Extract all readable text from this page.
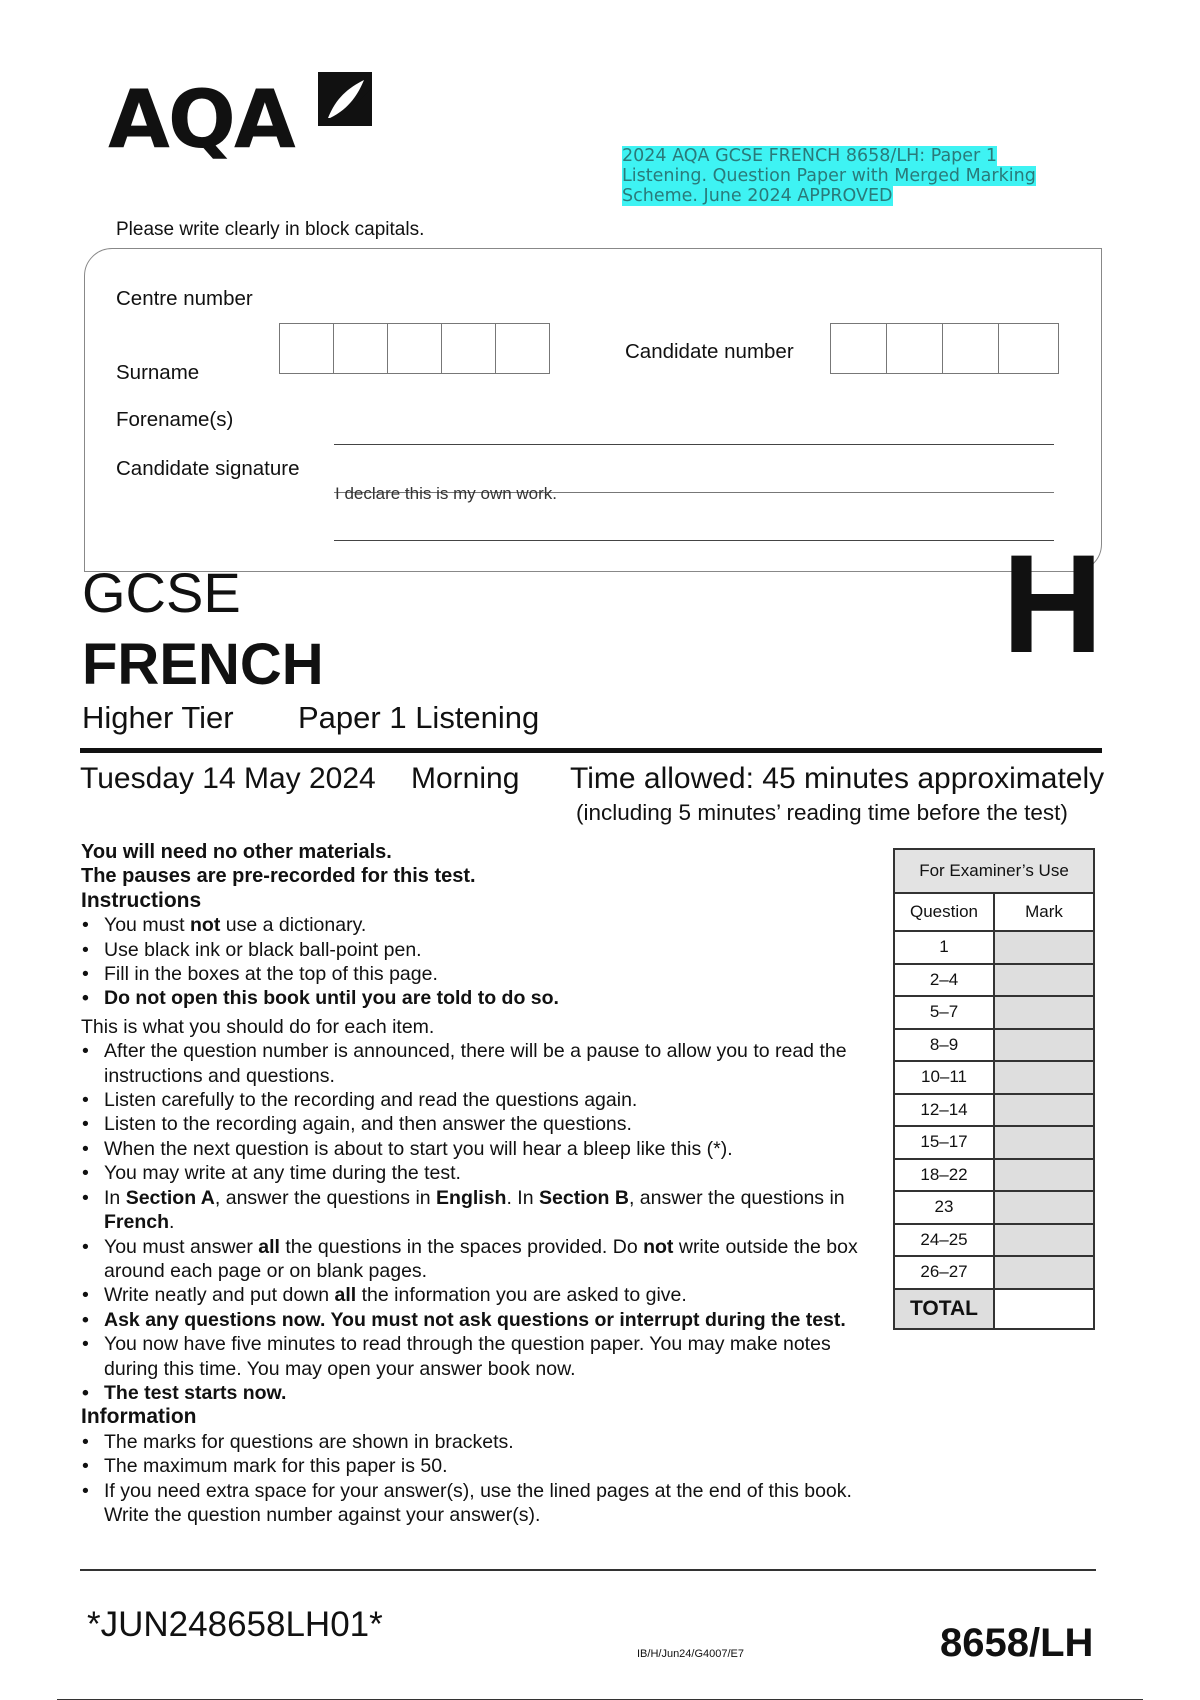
AQA	2024 AQA GCSE FRENCH 8658/LH: Paper 1
Listening. Question Paper with Merged Marking
Scheme. June 2024 APPROVED
Please write clearly in block capitals.
Centre number
Candidate number
Surname
Forename(s)
Candidate signature
I declare this is my own work.
GCSE
FRENCH
Higher Tier Paper 1 Listening
H
Tuesday 14 May 2024 Morning Time allowed: 45 minutes approximately
(including 5 minutes’ reading time before the test)
You will need no other materials.
The pauses are pre-recorded for this test.
Instructions
• You must not use a dictionary.
• Use black ink or black ball-point pen.
• Fill in the boxes at the top of this page.
• Do not open this book until you are told to do so.
This is what you should do for each item.
• After the question number is announced, there will be a pause to allow you to read the instructions and questions.
• Listen carefully to the recording and read the questions again.
• Listen to the recording again, and then answer the questions.
• When the next question is about to start you will hear a bleep like this (*).
• You may write at any time during the test.
• In Section A, answer the questions in English. In Section B, answer the questions in French.
• You must answer all the questions in the spaces provided. Do not write outside the box around each page or on blank pages.
• Write neatly and put down all the information you are asked to give.
• Ask any questions now. You must not ask questions or interrupt during the test.
• You now have five minutes to read through the question paper. You may make notes during this time. You may open your answer book now.
• The test starts now.
Information
• The marks for questions are shown in brackets.
• The maximum mark for this paper is 50.
• If you need extra space for your answer(s), use the lined pages at the end of this book. Write the question number against your answer(s).
For Examiner’s Use	
Question	Mark
1	
2–4	
5–7	
8–9	
10–11	
12–14	
15–17	
18–22	
23	
24–25	
26–27	
TOTAL	
*JUN248658LH01*
IB/H/Jun24/G4007/E7	8658/LH
